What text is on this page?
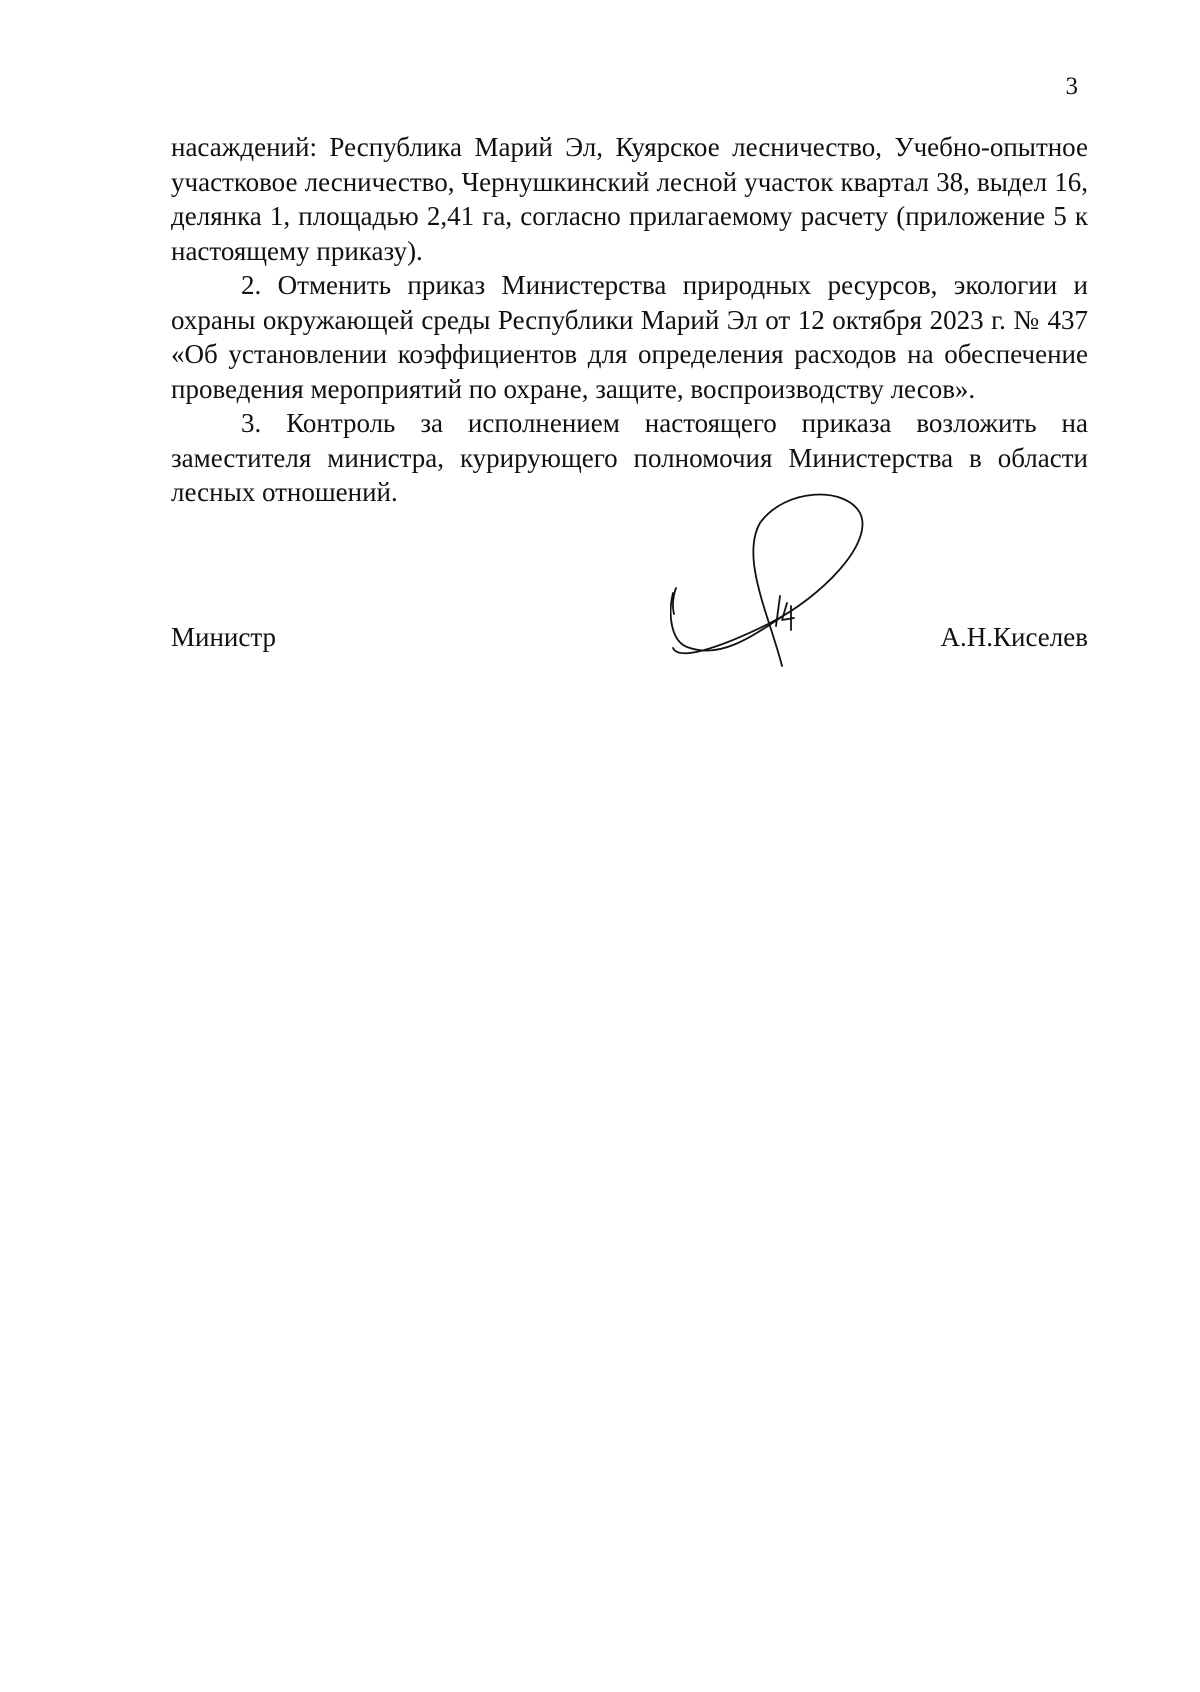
3

насаждений: Республика Марий Эл, Куярское лесничество, Учебно-опытное участковое лесничество, Чернушкинский лесной участок квартал 38, выдел 16, делянка 1, площадью 2,41 га, согласно прилагаемому расчету (приложение 5 к настоящему приказу).

2. Отменить приказ Министерства природных ресурсов, экологии и охраны окружающей среды Республики Марий Эл от 12 октября 2023 г. № 437 «Об установлении коэффициентов для определения расходов на обеспечение проведения мероприятий по охране, защите, воспроизводству лесов».

3. Контроль за исполнением настоящего приказа возложить на заместителя министра, курирующего полномочия Министерства в области лесных отношений.

Министр	А.Н.Киселев
